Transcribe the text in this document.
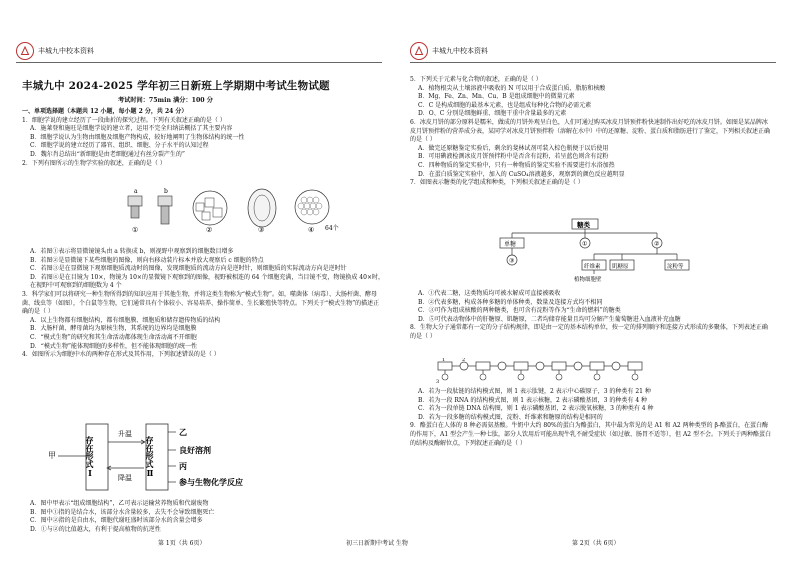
丰城九中校本资料
丰城九中 2024-2025 学年初三日新班上学期期中考试生物试题
考试时间：75min 满分：100 分

一、单项选择题（本题共 12 小题，每小题 2 分，共 24 分）

1．细胞学说的建立经历了一段曲折的探究过程。下列有关叙述正确的是（ ）

A．施莱登和施旺是细胞学说的建立者，运用不完全归纳法概括了其主要内容

B．细胞学说认为生物由细胞及细胞产物构成，较好地阐明了生物体结构的统一性

C．细胞学说的建立经历了器官、组织、细胞、分子水平的认知过程

D．魏尔肖总结出“新细胞是由老细胞通过有丝分裂产生的”

2．下列有图所示的生物学实验的叙述，正确的是（ ）

a	b
64个
①	②	③	④

A．若图①表示将显微镜镜头由 a 转换成 b，则视野中观察到的细胞数目增多

B．若图②是显微镜下某些细胞的图像，则向右移动装片标本并放大观察后 c 细胞的特点

C．若图③是在显微镜下观察细胞质流动时的图像，发现细胞质的流动方向是逆时针，则细胞质的实际流动方向是逆时针

D．若图④是在目镜为 10×，物镜为 10×的显微镜下观察到的图像，视野被相连的 64 个细胞充满，当目镜不变，物镜换成 40×时，在视野中可观察到的细胞数为 4 个

3．科学家们可以将研究一种生物所得到的知识应用于其他生物，并将这类生物称为“模式生物”。如，噬菌体（病毒）、大肠杆菌、酵母菌、线虫等（如图），个白鼠等生物，它们通常具有个体较小、容易培养、操作简单、生长繁殖快等特点。下列关于“模式生物”的描述正确的是（ ）

A．以上生物都有细胞结构，都有细胞膜、细胞质和储存遗传物质的结构

B．大肠杆菌、酵母菌均为原核生物，其系统的边界均是细胞膜

C．“模式生物”的研究和其生命活动都体现生命活动离不开细胞

D．“模式生物”能体现细胞的多样性，但不能体现细胞的统一性

4．如图所示为细胞中水的两种存在形式及其作用，下列叙述错误的是（ ）

甲	存在形式Ⅰ	存在形式Ⅱ
升温
降温
乙
良好溶剂
丙
参与生物化学反应

A．图中甲表示“组成细胞结构”，乙可表示运输营养物质和代谢废物

B．图中①指的是结合水，该部分水含量较多，去失不会导致细胞死亡

C．图中②指的是自由水，细胞代谢旺盛时该部分水的含量会增多

D．①与②的比值越大，有利于提高植物的抗逆性

第 1页（共 6页）	初三日新期中考试 生物
丰城九中校本资料

5．下列关于元素与化合物的叙述，正确的是（ ）

A．植物根尖从土壤溶液中吸收的 N 可以用于合成蛋白质、脂肪和核酸

B．Mg、Fe、Zn、Mn、Cu、B 是组成细胞中的微量元素

C．C 是构成细胞的最基本元素，也是组成每种化合物的必需元素

D．O、C 分别是细胞鲜重、细胞干重中含量最多的元素

6．冰皮月饼的部分原料是糯米，做成的月饼外观呈白色，人们可通过购买冰皮月饼预拌粉快速制作出好吃的冰皮月饼。如图是某品牌冰皮月饼预拌粉的营养成分表，某同学对冰皮月饼预拌粉（溶解在水中）中的还原糖、淀粉、蛋白质和脂肪进行了鉴定，下列相关叙述正确的是（ ）

A．做完还原糖鉴定实验后，剩余的斐林试剂可装入棕色瓶便于以后使用

B．可用碘液检测冰皮月饼预拌粉中是否含有淀粉，若呈蓝色则含有淀粉

C．四种物质的鉴定实验中，只有一种物质的鉴定实验不需要进行水浴加热

D．在蛋白质鉴定实验中，加入的 CuSO₄溶液越多，观察到的颜色反应越明显

7．如图表示糖类的化学组成和种类，下列相关叙述正确的是（ ）

糖类
单糖	①	②
③
纤维素 肌糖原	淀粉等
植物细胞壁

A．①代表二糖，这类物质均可被水解成可直接被吸收

B．②代表多糖，构成各种多糖的单体种类、数量及连接方式均不相同

C．③可作为组成核酸的两种糖类，也可含有淀粉等作为“生命的燃料”的糖类

D．⑤可代表动物体中的肝糖原、肌糖原，二者均储存能量且均可分解产生葡萄糖进入血液补充血糖

8．生物大分子通常都有一定的分子结构规律，即是由一定的基本结构单位，按一定的排列顺序和连接方式形成的多聚体，下列表述正确的是（ ）

1	2
3

A．若为一段肽链的结构模式图，则 1 表示肽键，2 表示中心碳原子，3 的种类有 21 种

B．若为一段 RNA 的结构模式图，则 1 表示核糖，2 表示磷酸基团，3 的种类有 4 种

C．若为一段单链 DNA 结构图，则 1 表示磷酸基团，2 表示脱氧核糖，3 的种类有 4 种

D．若为一段多糖的结构模式图，淀粉、纤维素和糖原的结构是相同的

9．酪蛋白在人体的 8 种必需氨基酸。牛奶中大约 80%的蛋白为酪蛋白，其中最为常见的是 A1 和 A2 两种类型的 β-酪蛋白，在蛋白酶的作用下，A1 型会产生一种七肽，部分人饮用后可能出现牛乳不耐受症状（如过敏、肠胃不适等），但 A2 型不会。下列关于两种酪蛋白的结构及酶解位点，下列叙述正确的是（ ）

第 2页（共 6页）
